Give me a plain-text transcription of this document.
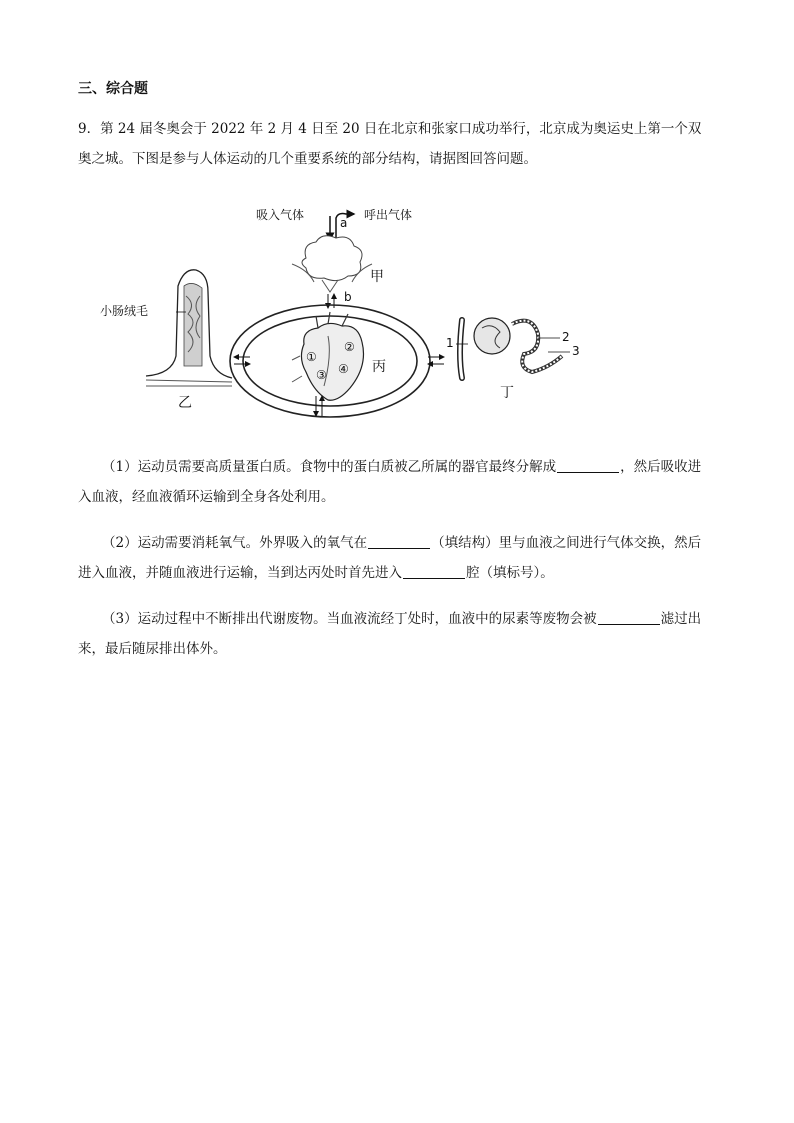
三、综合题
9．第 24 届冬奥会于 2022 年 2 月 4 日至 20 日在北京和张家口成功举行，北京成为奥运史上第一个双奥之城。下图是参与人体运动的几个重要系统的部分结构，请据图回答问题。
吸入气体	呼出气体
a
b
甲
乙
丙
丁
小肠绒毛
①
②
③ ④
1	2
3
（1）运动员需要高质量蛋白质。食物中的蛋白质被乙所属的器官最终分解成	，然后吸收进入血液，经血液循环运输到全身各处利用。
（2）运动需要消耗氧气。外界吸入的氧气在	（填结构）里与血液之间进行气体交换，然后进入血液，并随血液进行运输，当到达丙处时首先进入	腔（填标号）。
（3）运动过程中不断排出代谢废物。当血液流经丁处时，血液中的尿素等废物会被	滤过出来，最后随尿排出体外。
